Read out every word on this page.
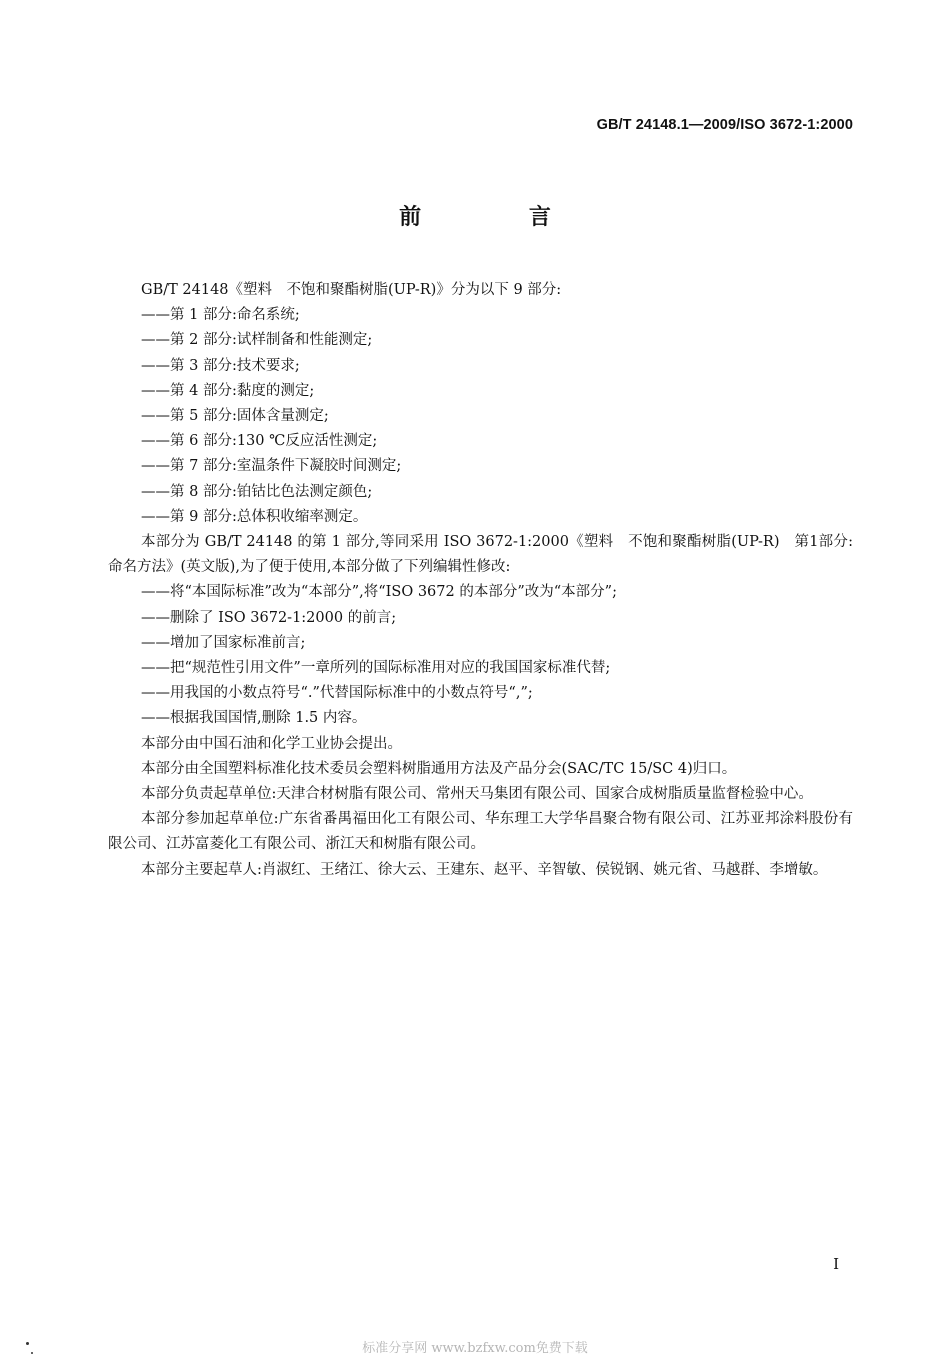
GB/T 24148.1—2009/ISO 3672-1:2000
前 言

GB/T 24148《塑料　不饱和聚酯树脂(UP-R)》分为以下 9 部分:

——第 1 部分:命名系统;

——第 2 部分:试样制备和性能测定;

——第 3 部分:技术要求;

——第 4 部分:黏度的测定;

——第 5 部分:固体含量测定;

——第 6 部分:130 ℃反应活性测定;

——第 7 部分:室温条件下凝胶时间测定;

——第 8 部分:铂钴比色法测定颜色;

——第 9 部分:总体积收缩率测定。

本部分为 GB/T 24148 的第 1 部分,等同采用 ISO 3672-1:2000《塑料　不饱和聚酯树脂(UP-R)　第1部分:命名方法》(英文版),为了便于使用,本部分做了下列编辑性修改:

——将“本国际标准”改为“本部分”,将“ISO 3672 的本部分”改为“本部分”;

——删除了 ISO 3672-1:2000 的前言;

——增加了国家标准前言;

——把“规范性引用文件”一章所列的国际标准用对应的我国国家标准代替;

——用我国的小数点符号“.”代替国际标准中的小数点符号“,”;

——根据我国国情,删除 1.5 内容。

本部分由中国石油和化学工业协会提出。

本部分由全国塑料标准化技术委员会塑料树脂通用方法及产品分会(SAC/TC 15/SC 4)归口。

本部分负责起草单位:天津合材树脂有限公司、常州天马集团有限公司、国家合成树脂质量监督检验中心。

本部分参加起草单位:广东省番禺福田化工有限公司、华东理工大学华昌聚合物有限公司、江苏亚邦涂料股份有限公司、江苏富菱化工有限公司、浙江天和树脂有限公司。

本部分主要起草人:肖淑红、王绪江、徐大云、王建东、赵平、辛智敏、侯锐钢、姚元省、马越群、李增敏。

I
标准分享网 www.bzfxw.com免费下载
